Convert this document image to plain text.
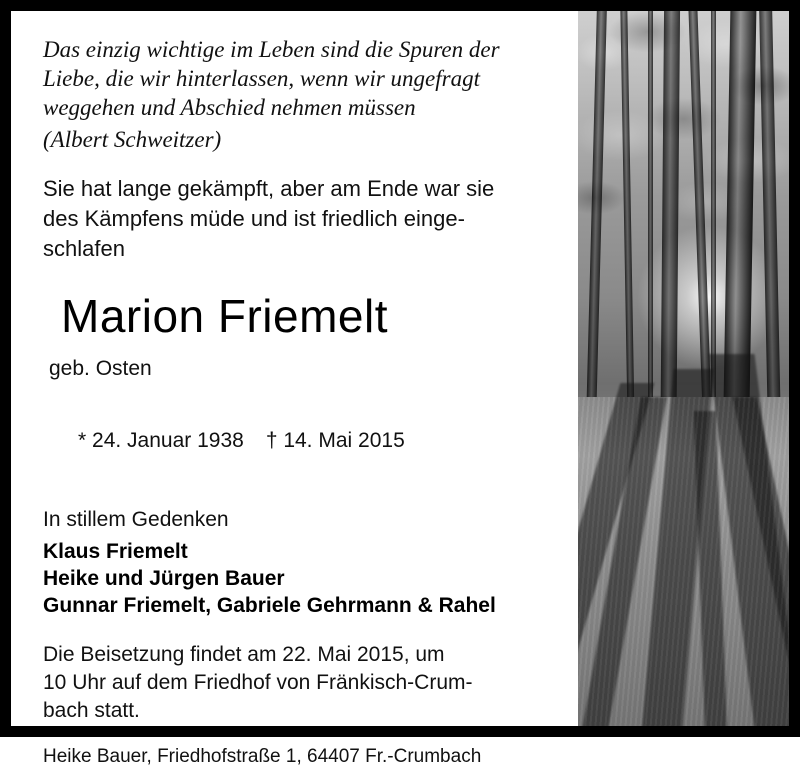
Das einzig wichtige im Leben sind die Spuren der Liebe, die wir hinterlassen, wenn wir ungefragt weggehen und Abschied nehmen müssen
(Albert Schweitzer)

Sie hat lange gekämpft, aber am Ende war sie
des Kämpfens müde und ist friedlich einge-
schlafen

Marion Friemelt
geb. Osten

* 24. Januar 1938 † 14. Mai 2015

In stillem Gedenken
Klaus Friemelt
Heike und Jürgen Bauer
Gunnar Friemelt, Gabriele Gehrmann & Rahel

Die Beisetzung findet am 22. Mai 2015, um
10 Uhr auf dem Friedhof von Fränkisch-Crum-
bach statt.

Heike Bauer, Friedhofstraße 1, 64407 Fr.-Crumbach
